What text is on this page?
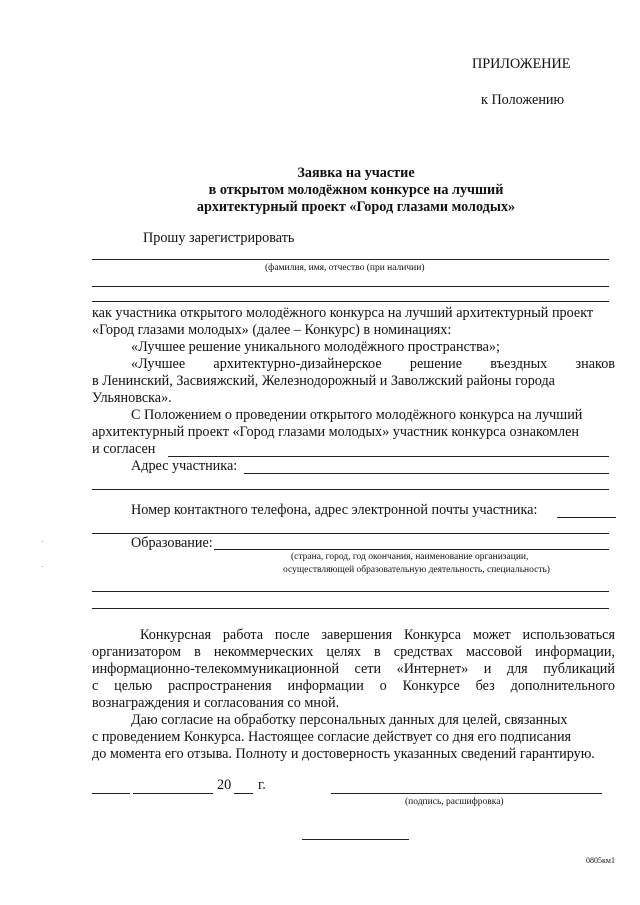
ПРИЛОЖЕНИЕ
к Положению
Заявка на участие
в открытом молодёжном конкурсе на лучший
архитектурный проект «Город глазами молодых»
Прошу зарегистрировать
(фамилия, имя, отчество (при наличии)
как участника открытого молодёжного конкурса на лучший архитектурный проект
«Город глазами молодых» (далее – Конкурс) в номинациях:
«Лучшее решение уникального молодёжного пространства»;
«Лучшее архитектурно-дизайнерское решение въездных знаков
в Ленинский, Засвияжский, Железнодорожный и Заволжский районы города
Ульяновска».
С Положением о проведении открытого молодёжного конкурса на лучший
архитектурный проект «Город глазами молодых» участник конкурса ознакомлен
и согласен
Адрес участника:
Номер контактного телефона, адрес электронной почты участника:
Образование:
(страна, город, год окончания, наименование организации,
осуществляющей образовательную деятельность, специальность)
Конкурсная работа после завершения Конкурса может использоваться
организатором в некоммерческих целях в средствах массовой информации,
информационно-телекоммуникационной сети «Интернет» и для публикаций
с целью распространения информации о Конкурсе без дополнительного
вознаграждения и согласования со мной.
Даю согласие на обработку персональных данных для целей, связанных
с проведением Конкурса. Настоящее согласие действует со дня его подписания
до момента его отзыва. Полноту и достоверность указанных сведений гарантирую.
20 г.
(подпись, расшифровка)
0805км1
